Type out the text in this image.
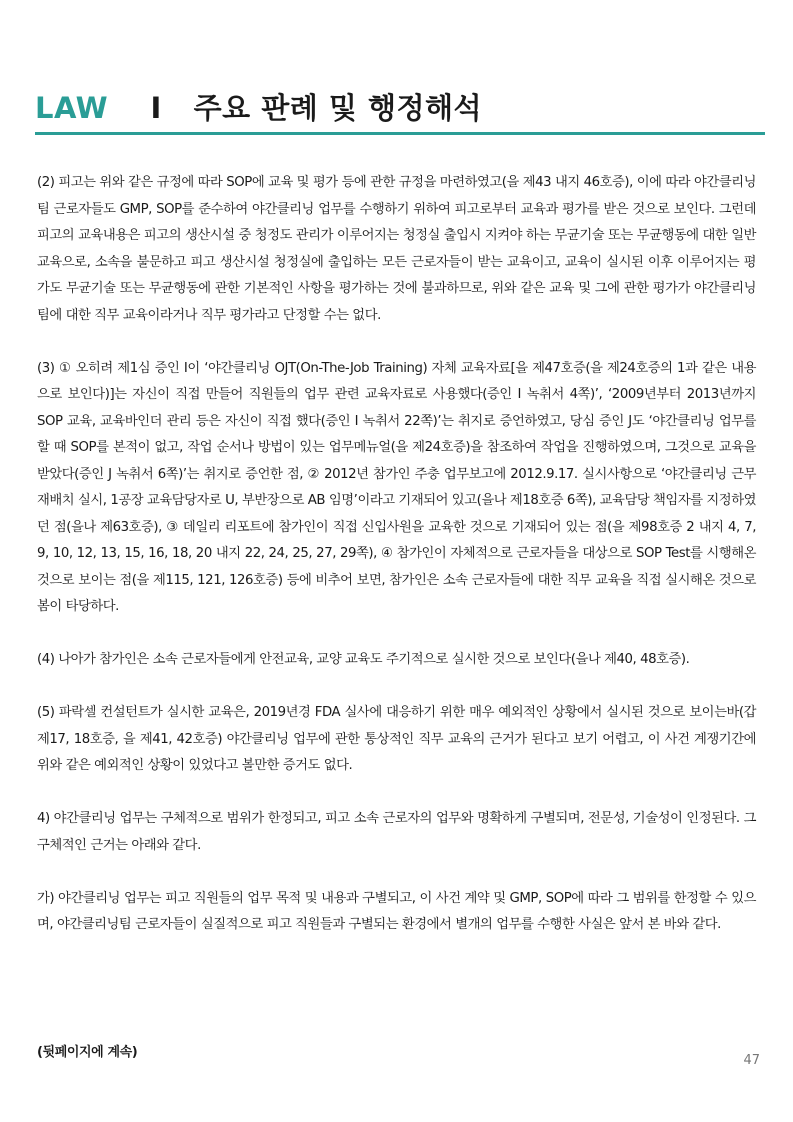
LAW I 주요 판례 및 행정해석

(2) 피고는 위와 같은 규정에 따라 SOP에 교육 및 평가 등에 관한 규정을 마련하였고(을 제43 내지 46호증), 이에 따라 야간클리닝팀 근로자들도 GMP, SOP를 준수하여 야간클리닝 업무를 수행하기 위하여 피고로부터 교육과 평가를 받은 것으로 보인다. 그런데 피고의 교육내용은 피고의 생산시설 중 청정도 관리가 이루어지는 청정실 출입시 지켜야 하는 무균기술 또는 무균행동에 대한 일반교육으로, 소속을 불문하고 피고 생산시설 청정실에 출입하는 모든 근로자들이 받는 교육이고, 교육이 실시된 이후 이루어지는 평가도 무균기술 또는 무균행동에 관한 기본적인 사항을 평가하는 것에 불과하므로, 위와 같은 교육 및 그에 관한 평가가 야간클리닝팀에 대한 직무 교육이라거나 직무 평가라고 단정할 수는 없다.

(3) ① 오히려 제1심 증인 I이 ‘야간클리닝 OJT(On-The-Job Training) 자체 교육자료[을 제47호증(을 제24호증의 1과 같은 내용으로 보인다)]는 자신이 직접 만들어 직원들의 업무 관련 교육자료로 사용했다(증인 I 녹취서 4쪽)’, ‘2009년부터 2013년까지 SOP 교육, 교육바인더 관리 등은 자신이 직접 했다(증인 I 녹취서 22쪽)’는 취지로 증언하였고, 당심 증인 J도 ‘야간클리닝 업무를 할 때 SOP를 본적이 없고, 작업 순서나 방법이 있는 업무메뉴얼(을 제24호증)을 참조하여 작업을 진행하였으며, 그것으로 교육을 받았다(증인 J 녹취서 6쪽)’는 취지로 증언한 점, ② 2012년 참가인 주충 업무보고에 2012.9.17. 실시사항으로 ‘야간클리닝 근무 재배치 실시, 1공장 교육담당자로 U, 부반장으로 AB 임명’이라고 기재되어 있고(을나 제18호증 6쪽), 교육담당 책임자를 지정하였던 점(을나 제63호증), ③ 데일리 리포트에 참가인이 직접 신입사원을 교육한 것으로 기재되어 있는 점(을 제98호증 2 내지 4, 7, 9, 10, 12, 13, 15, 16, 18, 20 내지 22, 24, 25, 27, 29쪽), ④ 참가인이 자체적으로 근로자들을 대상으로 SOP Test를 시행해온 것으로 보이는 점(을 제115, 121, 126호증) 등에 비추어 보면, 참가인은 소속 근로자들에 대한 직무 교육을 직접 실시해온 것으로 봄이 타당하다.

(4) 나아가 참가인은 소속 근로자들에게 안전교육, 교양 교육도 주기적으로 실시한 것으로 보인다(을나 제40, 48호증).

(5) 파락셀 컨설턴트가 실시한 교육은, 2019년경 FDA 실사에 대응하기 위한 매우 예외적인 상황에서 실시된 것으로 보이는바(갑 제17, 18호증, 을 제41, 42호증) 야간클리닝 업무에 관한 통상적인 직무 교육의 근거가 된다고 보기 어렵고, 이 사건 계쟁기간에 위와 같은 예외적인 상황이 있었다고 볼만한 증거도 없다.

4) 야간클리닝 업무는 구체적으로 범위가 한정되고, 피고 소속 근로자의 업무와 명확하게 구별되며, 전문성, 기술성이 인정된다. 그 구체적인 근거는 아래와 같다.

가) 야간클리닝 업무는 피고 직원들의 업무 목적 및 내용과 구별되고, 이 사건 계약 및 GMP, SOP에 따라 그 범위를 한정할 수 있으며, 야간클리닝팀 근로자들이 실질적으로 피고 직원들과 구별되는 환경에서 별개의 업무를 수행한 사실은 앞서 본 바와 같다.

(뒷페이지에 계속)
47
